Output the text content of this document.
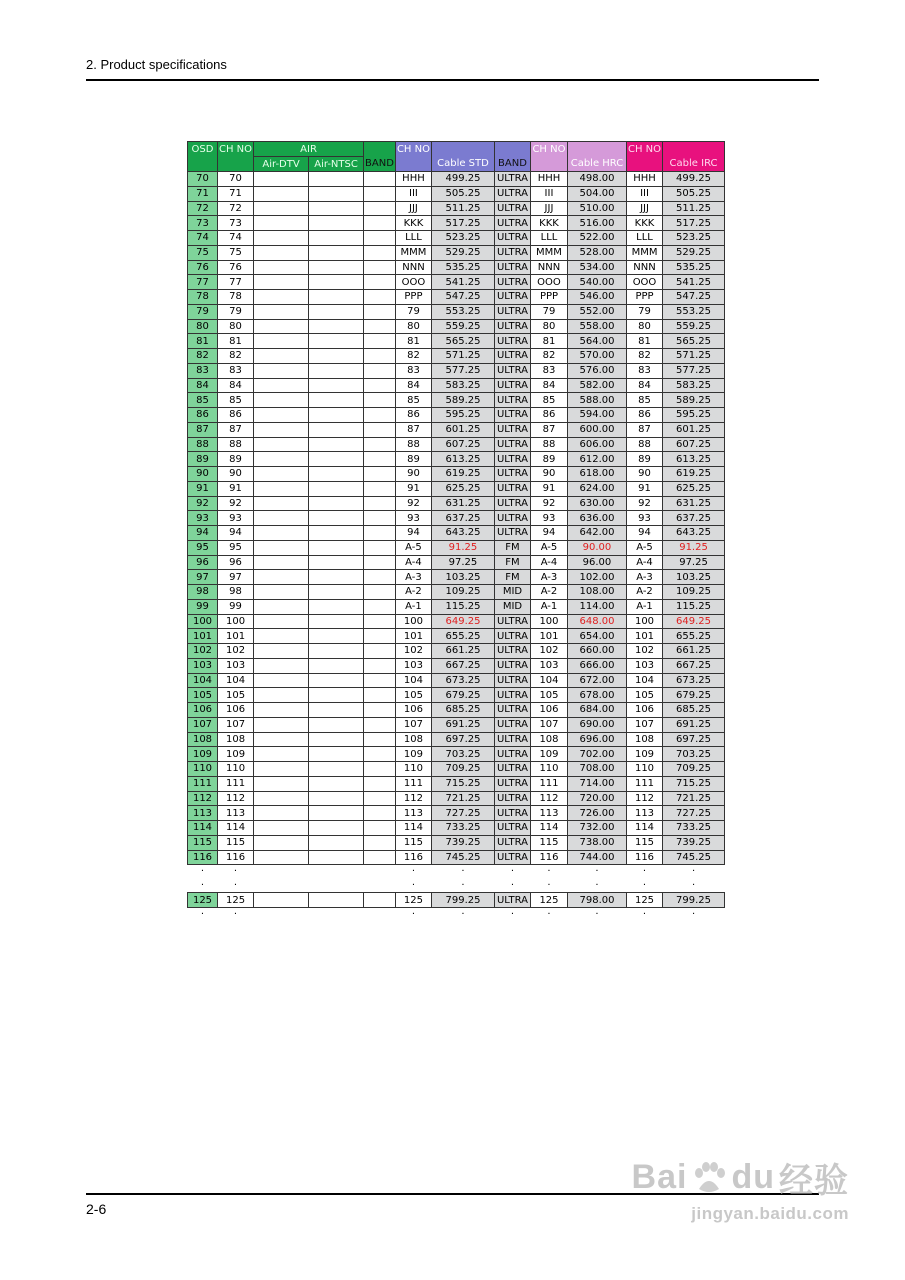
2. Product specifications
OSD	CH NO	AIR			CH NO			CH NO		CH NO	
		Air-DTV	Air-NTSC	BAND		Cable STD	BAND		Cable HRC		Cable IRC
70	70				HHH	499.25	ULTRA	HHH	498.00	HHH	499.25
71	71				III	505.25	ULTRA	III	504.00	III	505.25
72	72				JJJ	511.25	ULTRA	JJJ	510.00	JJJ	511.25
73	73				KKK	517.25	ULTRA	KKK	516.00	KKK	517.25
74	74				LLL	523.25	ULTRA	LLL	522.00	LLL	523.25
75	75				MMM	529.25	ULTRA	MMM	528.00	MMM	529.25
76	76				NNN	535.25	ULTRA	NNN	534.00	NNN	535.25
77	77				OOO	541.25	ULTRA	OOO	540.00	OOO	541.25
78	78				PPP	547.25	ULTRA	PPP	546.00	PPP	547.25
79	79				79	553.25	ULTRA	79	552.00	79	553.25
80	80				80	559.25	ULTRA	80	558.00	80	559.25
81	81				81	565.25	ULTRA	81	564.00	81	565.25
82	82				82	571.25	ULTRA	82	570.00	82	571.25
83	83				83	577.25	ULTRA	83	576.00	83	577.25
84	84				84	583.25	ULTRA	84	582.00	84	583.25
85	85				85	589.25	ULTRA	85	588.00	85	589.25
86	86				86	595.25	ULTRA	86	594.00	86	595.25
87	87				87	601.25	ULTRA	87	600.00	87	601.25
88	88				88	607.25	ULTRA	88	606.00	88	607.25
89	89				89	613.25	ULTRA	89	612.00	89	613.25
90	90				90	619.25	ULTRA	90	618.00	90	619.25
91	91				91	625.25	ULTRA	91	624.00	91	625.25
92	92				92	631.25	ULTRA	92	630.00	92	631.25
93	93				93	637.25	ULTRA	93	636.00	93	637.25
94	94				94	643.25	ULTRA	94	642.00	94	643.25
95	95				A-5	91.25	FM	A-5	90.00	A-5	91.25
96	96				A-4	97.25	FM	A-4	96.00	A-4	97.25
97	97				A-3	103.25	FM	A-3	102.00	A-3	103.25
98	98				A-2	109.25	MID	A-2	108.00	A-2	109.25
99	99				A-1	115.25	MID	A-1	114.00	A-1	115.25
100	100				100	649.25	ULTRA	100	648.00	100	649.25
101	101				101	655.25	ULTRA	101	654.00	101	655.25
102	102				102	661.25	ULTRA	102	660.00	102	661.25
103	103				103	667.25	ULTRA	103	666.00	103	667.25
104	104				104	673.25	ULTRA	104	672.00	104	673.25
105	105				105	679.25	ULTRA	105	678.00	105	679.25
106	106				106	685.25	ULTRA	106	684.00	106	685.25
107	107				107	691.25	ULTRA	107	690.00	107	691.25
108	108				108	697.25	ULTRA	108	696.00	108	697.25
109	109				109	703.25	ULTRA	109	702.00	109	703.25
110	110				110	709.25	ULTRA	110	708.00	110	709.25
111	111				111	715.25	ULTRA	111	714.00	111	715.25
112	112				112	721.25	ULTRA	112	720.00	112	721.25
113	113				113	727.25	ULTRA	113	726.00	113	727.25
114	114				114	733.25	ULTRA	114	732.00	114	733.25
115	115				115	739.25	ULTRA	115	738.00	115	739.25
116	116				116	745.25	ULTRA	116	744.00	116	745.25
.	.				.	.	.	.	.	.	.
.	.				.	.	.	.	.	.	.
125	125				125	799.25	ULTRA	125	798.00	125	799.25
.	.				.	.	.	.	.	.	.
2-6
Bai du 经验
jingyan.baidu.com
